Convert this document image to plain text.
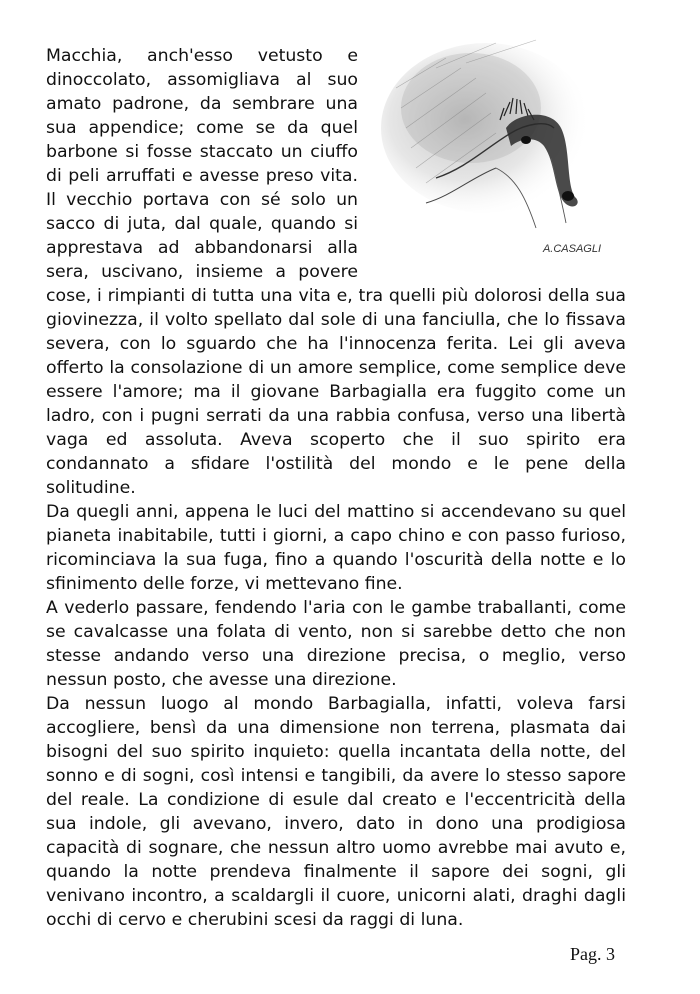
A.CASAGLI

Macchia, anch'esso vetusto e dinoccolato, assomigliava al suo amato padrone, da sembrare una sua appendice; come se da quel barbone si fosse staccato un ciuffo di peli arruffati e avesse preso vita. Il vecchio portava con sé solo un sacco di juta, dal quale, quando si apprestava ad abbandonarsi alla sera, uscivano, insieme a povere cose, i rimpianti di tutta una vita e, tra quelli più dolorosi della sua giovinezza, il volto spellato dal sole di una fanciulla, che lo fissava severa, con lo sguardo che ha l'innocenza ferita. Lei gli aveva offerto la consolazione di un amore semplice, come semplice deve essere l'amore; ma il giovane Barbagialla era fuggito come un ladro, con i pugni serrati da una rabbia confusa, verso una libertà vaga ed assoluta. Aveva scoperto che il suo spirito era condannato a sfidare l'ostilità del mondo e le pene della solitudine.

Da quegli anni, appena le luci del mattino si accendevano su quel pianeta inabitabile, tutti i giorni, a capo chino e con passo furioso, ricominciava la sua fuga, fino a quando l'oscurità della notte e lo sfinimento delle forze, vi mettevano fine.

A vederlo passare, fendendo l'aria con le gambe traballanti, come se cavalcasse una folata di vento, non si sarebbe detto che non stesse andando verso una direzione precisa, o meglio, verso nessun posto, che avesse una direzione.

Da nessun luogo al mondo Barbagialla, infatti, voleva farsi accogliere, bensì da una dimensione non terrena, plasmata dai bisogni del suo spirito inquieto: quella incantata della notte, del sonno e di sogni, così intensi e tangibili, da avere lo stesso sapore del reale. La condizione di esule dal creato e l'eccentricità della sua indole, gli avevano, invero, dato in dono una prodigiosa capacità di sognare, che nessun altro uomo avrebbe mai avuto e, quando la notte prendeva finalmente il sapore dei sogni, gli venivano incontro, a scaldargli il cuore, unicorni alati, draghi dagli occhi di cervo e cherubini scesi da raggi di luna.

Pag. 3
